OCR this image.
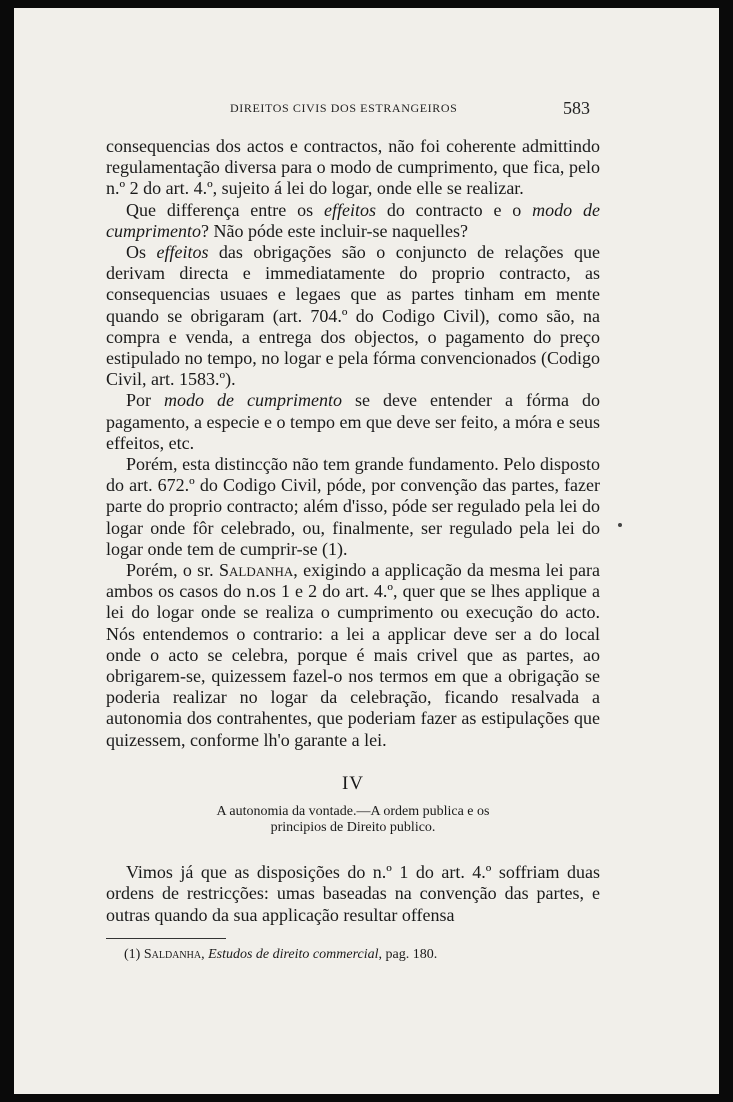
DIREITOS CIVIS DOS ESTRANGEIROS	583

consequencias dos actos e contractos, não foi coherente admittindo regulamentação diversa para o modo de cumprimento, que fica, pelo n.º 2 do art. 4.º, sujeito á lei do logar, onde elle se realizar.

Que differença entre os effeitos do contracto e o modo de cumprimento? Não póde este incluir-se naquelles?

Os effeitos das obrigações são o conjuncto de relações que derivam directa e immediatamente do proprio contracto, as consequencias usuaes e legaes que as partes tinham em mente quando se obrigaram (art. 704.º do Codigo Civil), como são, na compra e venda, a entrega dos objectos, o pagamento do preço estipulado no tempo, no logar e pela fórma convencionados (Codigo Civil, art. 1583.º).

Por modo de cumprimento se deve entender a fórma do pagamento, a especie e o tempo em que deve ser feito, a móra e seus effeitos, etc.

Porém, esta distincção não tem grande fundamento. Pelo disposto do art. 672.º do Codigo Civil, póde, por convenção das partes, fazer parte do proprio contracto; além d'isso, póde ser regulado pela lei do logar onde fôr celebrado, ou, finalmente, ser regulado pela lei do logar onde tem de cumprir-se (1).

Porém, o sr. Saldanha, exigindo a applicação da mesma lei para ambos os casos do n.os 1 e 2 do art. 4.º, quer que se lhes applique a lei do logar onde se realiza o cumprimento ou execução do acto. Nós entendemos o contrario: a lei a applicar deve ser a do local onde o acto se celebra, porque é mais crivel que as partes, ao obrigarem-se, quizessem fazel-o nos termos em que a obrigação se poderia realizar no logar da celebração, ficando resalvada a autonomia dos contrahentes, que poderiam fazer as estipulações que quizessem, conforme lh'o garante a lei.

IV
A autonomia da vontade.—A ordem publica e os
principios de Direito publico.

Vimos já que as disposições do n.º 1 do art. 4.º soffriam duas ordens de restricções: umas baseadas na convenção das partes, e outras quando da sua applicação resultar offensa

(1) Saldanha, Estudos de direito commercial, pag. 180.
